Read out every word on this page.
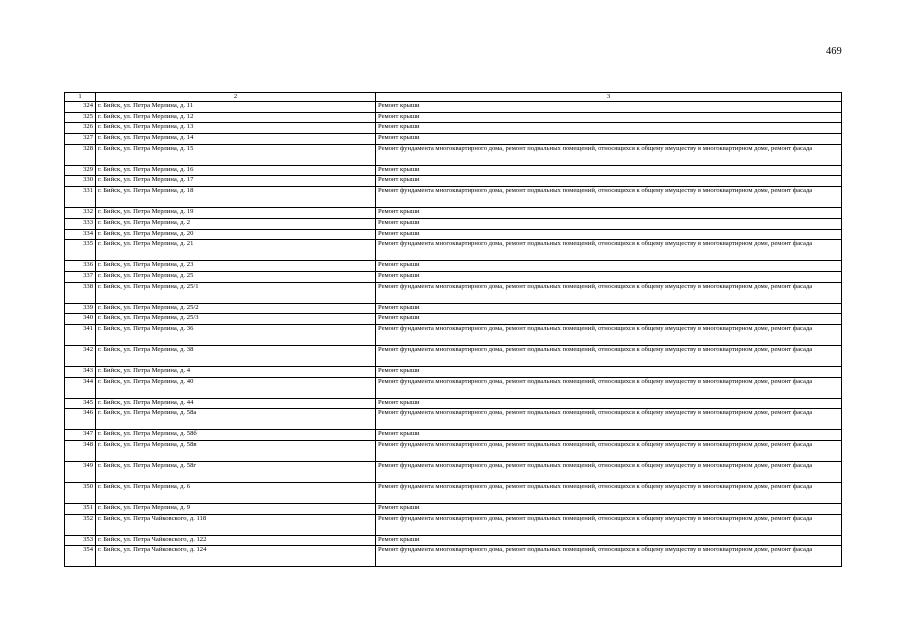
469
1	2	3
324	г. Бийск, ул. Петра Мерлина, д. 11	Ремонт крыши
325	г. Бийск, ул. Петра Мерлина, д. 12	Ремонт крыши
326	г. Бийск, ул. Петра Мерлина, д. 13	Ремонт крыши
327	г. Бийск, ул. Петра Мерлина, д. 14	Ремонт крыши
328	г. Бийск, ул. Петра Мерлина, д. 15	Ремонт фундамента многоквартирного дома, ремонт подвальных помещений, относящихся к общему имуществу в многоквартирном доме, ремонт фасада
329	г. Бийск, ул. Петра Мерлина, д. 16	Ремонт крыши
330	г. Бийск, ул. Петра Мерлина, д. 17	Ремонт крыши
331	г. Бийск, ул. Петра Мерлина, д. 18	Ремонт фундамента многоквартирного дома, ремонт подвальных помещений, относящихся к общему имуществу в многоквартирном доме, ремонт фасада
332	г. Бийск, ул. Петра Мерлина, д. 19	Ремонт крыши
333	г. Бийск, ул. Петра Мерлина, д. 2	Ремонт крыши
334	г. Бийск, ул. Петра Мерлина, д. 20	Ремонт крыши
335	г. Бийск, ул. Петра Мерлина, д. 21	Ремонт фундамента многоквартирного дома, ремонт подвальных помещений, относящихся к общему имуществу в многоквартирном доме, ремонт фасада
336	г. Бийск, ул. Петра Мерлина, д. 23	Ремонт крыши
337	г. Бийск, ул. Петра Мерлина, д. 25	Ремонт крыши
338	г. Бийск, ул. Петра Мерлина, д. 25/1	Ремонт фундамента многоквартирного дома, ремонт подвальных помещений, относящихся к общему имуществу в многоквартирном доме, ремонт фасада
339	г. Бийск, ул. Петра Мерлина, д. 25/2	Ремонт крыши
340	г. Бийск, ул. Петра Мерлина, д. 25/3	Ремонт крыши
341	г. Бийск, ул. Петра Мерлина, д. 36	Ремонт фундамента многоквартирного дома, ремонт подвальных помещений, относящихся к общему имуществу в многоквартирном доме, ремонт фасада
342	г. Бийск, ул. Петра Мерлина, д. 38	Ремонт фундамента многоквартирного дома, ремонт подвальных помещений, относящихся к общему имуществу в многоквартирном доме, ремонт фасада
343	г. Бийск, ул. Петра Мерлина, д. 4	Ремонт крыши
344	г. Бийск, ул. Петра Мерлина, д. 40	Ремонт фундамента многоквартирного дома, ремонт подвальных помещений, относящихся к общему имуществу в многоквартирном доме, ремонт фасада
345	г. Бийск, ул. Петра Мерлина, д. 44	Ремонт крыши
346	г. Бийск, ул. Петра Мерлина, д. 58а	Ремонт фундамента многоквартирного дома, ремонт подвальных помещений, относящихся к общему имуществу в многоквартирном доме, ремонт фасада
347	г. Бийск, ул. Петра Мерлина, д. 58б	Ремонт крыши
348	г. Бийск, ул. Петра Мерлина, д. 58в	Ремонт фундамента многоквартирного дома, ремонт подвальных помещений, относящихся к общему имуществу в многоквартирном доме, ремонт фасада
349	г. Бийск, ул. Петра Мерлина, д. 58г	Ремонт фундамента многоквартирного дома, ремонт подвальных помещений, относящихся к общему имуществу в многоквартирном доме, ремонт фасада
350	г. Бийск, ул. Петра Мерлина, д. 6	Ремонт фундамента многоквартирного дома, ремонт подвальных помещений, относящихся к общему имуществу в многоквартирном доме, ремонт фасада
351	г. Бийск, ул. Петра Мерлина, д. 9	Ремонт крыши
352	г. Бийск, ул. Петра Чайковского, д. 118	Ремонт фундамента многоквартирного дома, ремонт подвальных помещений, относящихся к общему имуществу в многоквартирном доме, ремонт фасада
353	г. Бийск, ул. Петра Чайковского, д. 122	Ремонт крыши
354	г. Бийск, ул. Петра Чайковского, д. 124	Ремонт фундамента многоквартирного дома, ремонт подвальных помещений, относящихся к общему имуществу в многоквартирном доме, ремонт фасада
